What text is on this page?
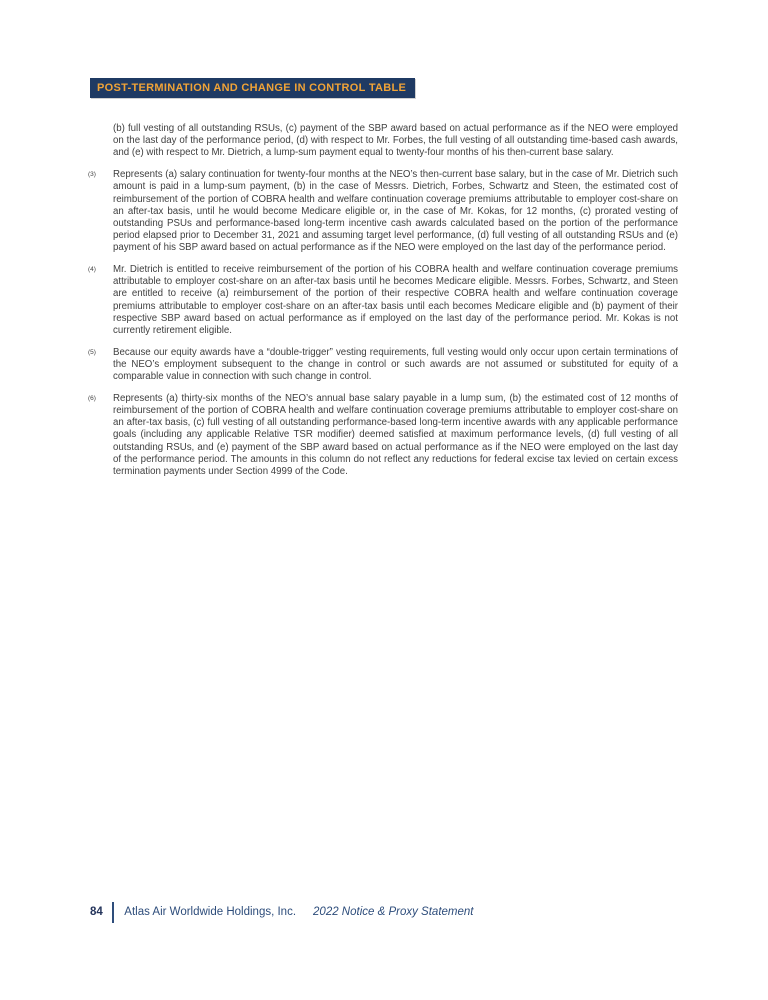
POST-TERMINATION AND CHANGE IN CONTROL TABLE

(b) full vesting of all outstanding RSUs, (c) payment of the SBP award based on actual performance as if the NEO were employed on the last day of the performance period, (d) with respect to Mr. Forbes, the full vesting of all outstanding time-based cash awards, and (e) with respect to Mr. Dietrich, a lump-sum payment equal to twenty-four months of his then-current base salary.

(3) Represents (a) salary continuation for twenty-four months at the NEO’s then-current base salary, but in the case of Mr. Dietrich such amount is paid in a lump-sum payment, (b) in the case of Messrs. Dietrich, Forbes, Schwartz and Steen, the estimated cost of reimbursement of the portion of COBRA health and welfare continuation coverage premiums attributable to employer cost-share on an after-tax basis, until he would become Medicare eligible or, in the case of Mr. Kokas, for 12 months, (c) prorated vesting of outstanding PSUs and performance-based long-term incentive cash awards calculated based on the portion of the performance period elapsed prior to December 31, 2021 and assuming target level performance, (d) full vesting of all outstanding RSUs and (e) payment of his SBP award based on actual performance as if the NEO were employed on the last day of the performance period.

(4) Mr. Dietrich is entitled to receive reimbursement of the portion of his COBRA health and welfare continuation coverage premiums attributable to employer cost-share on an after-tax basis until he becomes Medicare eligible. Messrs. Forbes, Schwartz, and Steen are entitled to receive (a) reimbursement of the portion of their respective COBRA health and welfare continuation coverage premiums attributable to employer cost-share on an after-tax basis until each becomes Medicare eligible and (b) payment of their respective SBP award based on actual performance as if employed on the last day of the performance period. Mr. Kokas is not currently retirement eligible.

(5) Because our equity awards have a “double-trigger” vesting requirements, full vesting would only occur upon certain terminations of the NEO’s employment subsequent to the change in control or such awards are not assumed or substituted for equity of a comparable value in connection with such change in control.

(6) Represents (a) thirty-six months of the NEO’s annual base salary payable in a lump sum, (b) the estimated cost of 12 months of reimbursement of the portion of COBRA health and welfare continuation coverage premiums attributable to employer cost-share on an after-tax basis, (c) full vesting of all outstanding performance-based long-term incentive awards with any applicable performance goals (including any applicable Relative TSR modifier) deemed satisfied at maximum performance levels, (d) full vesting of all outstanding RSUs, and (e) payment of the SBP award based on actual performance as if the NEO were employed on the last day of the performance period. The amounts in this column do not reflect any reductions for federal excise tax levied on certain excess termination payments under Section 4999 of the Code.

84 Atlas Air Worldwide Holdings, Inc. 2022 Notice & Proxy Statement
